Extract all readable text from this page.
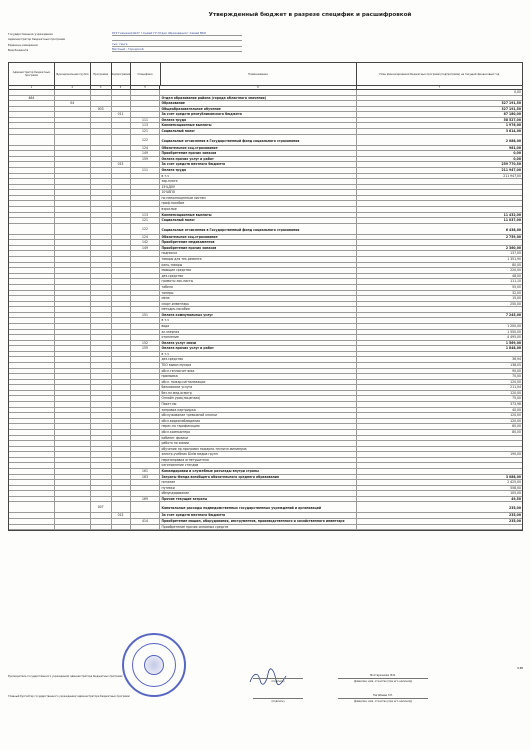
Утвержденный бюджет в разрезе специфик и расшифровкой
Государственное учреждение	КГУ Гимназия №27 г.Семей ГУ Отдел образования г.Семей ВКО
Администратор бюджетных программ
Единица измерения	тыс. тенге
Вид бюджета	Местный - Городской
Администратор бюджетных программ	Функциональная группа	Программа	Подпрограмма	Специфика	Наименование	План финансирования бюджетных программ (подпрограмм) на текущий финансовый год
1	2	3	4	5	6	7
0,00
464	Отдел образования района (города областного значения)
04	Образование	327 191,50
003	Общеобразовательное обучение	327 191,50
011	За счет средств республиканского бюджета	67 180,00
111	Оплата труда	58 527,00
113	Компенсационные выплаты	1 976,00
121	Социальный налог	3 614,00
122	Социальные отчисления в Государственный фонд социального страхования	2 088,00
124	Обязательное соц.страхование	981,00
149	Приобретение прочих запасов	0,00
159	Оплата прочих услуг и работ	0,00
015	За счет средств местного бюджета	259 770,50
111	Оплата труда	211 947,00
в т.ч	211 947,00
зар.плата
15%ДОУ
10%ВПО
по неполноценным листам
проф.пособие
взрослые
113	Компенсационные выплаты	11 432,00
121	Социальный налог	11 037,00
122	Социальные отчисления в Государственный фонд социального страхования	6 438,00
124	Обязательное соц.страхование	2 759,00
142	Приобретение медикаментов
149	Приобретение прочих запасов	2 360,00
подписка	137,00
товары для тек.ремонта	1 351,90
канц.товары	80,00
моющие средства	220,00
дез.средства	48,00
грамоты лок.листы	111,10
табеля	55,00
тонеры	32,00
мела	15,00
спорт.инвентарь	250,00
методич.пособия
151	Оплата коммунальных услуг	7 245,00
в т.ч
вода	1 200,00
эл.энергия	1 550,00
отопление	4 495,00
152	Оплата услуг связи	1 569,00
159	Оплата прочих услуг и работ	1 848,00
в т.ч
дез.средство	36,94
ТБО вывоз мусора	138,05
обсл.теплосчетчика	90,00
промывка	70,00
обсл. пожар.сигнализации	120,00
банковские услуги	211,04
без.пл.мед.осмотр	120,00
Онлайн урок(лицензия)	75,00
Пакет.мо	373,98
заправка картриджа	40,00
обслуживание тревожной кнопки	120,00
обсл.видеонаблюдения	120,00
перес.на тарификацию	60,00
обсл.компьютера	80,00
кабинет физики
работа по химии
обучение пр.программ пожарно-техничн.минимума
электр.учебник Білім медиа групп	190,00
перезаправка огнетушителя
изготовление стендов
161	Командировки и служебные разъезды внутри страны
163	Затраты Фонда всеобщего обязательного среднего образования	3 088,00
питание	2 425,00
путевки	558,00
обмундирование	105,00
169	Прочие текущие затраты	49,50
007	Капитальные расходы подведомственных государственных учреждений и организаций	235,00
015	За счет средств местного бюджета	235,00
414	Приобретение машин, оборудования, инструментов, производственного и хозяйственного инвентаря	235,00
Приобретение прочих основных средств
8,88
Руководитель государственного учреждения/ администратора бюджетных программ
(подпись)
Мохтарханова Ж.Б.
(фамилия, имя, отчество (при его наличии))
Главный бухгалтер государственного учреждения/ администратора бюджетных программ
(подпись)
Нигибаева З.Н.
(фамилия, имя, отчество (при его наличии))
